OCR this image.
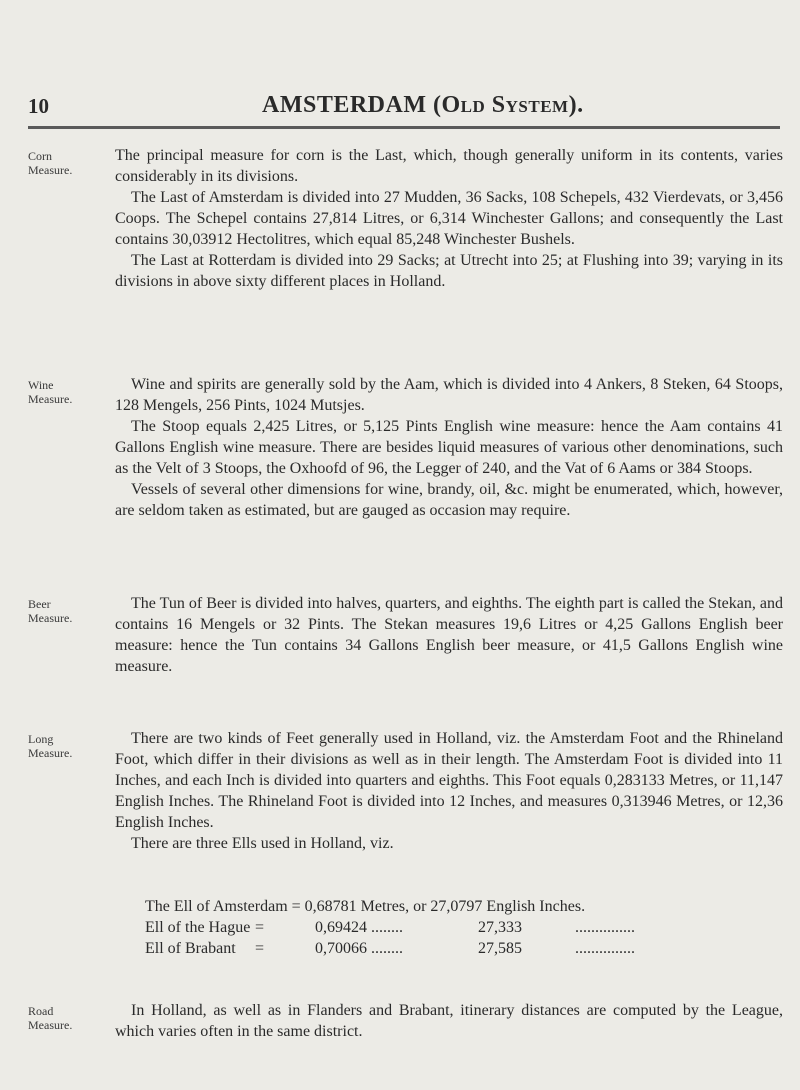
10	AMSTERDAM (Old System).
Corn Measure.

The principal measure for corn is the Last, which, though generally uniform in its contents, varies considerably in its divisions.

The Last of Amsterdam is divided into 27 Mudden, 36 Sacks, 108 Schepels, 432 Vierdevats, or 3,456 Coops. The Schepel contains 27,814 Litres, or 6,314 Winchester Gallons; and consequently the Last contains 30,03912 Hectolitres, which equal 85,248 Winchester Bushels.

The Last at Rotterdam is divided into 29 Sacks; at Utrecht into 25; at Flushing into 39; varying in its divisions in above sixty different places in Holland.

Wine Measure.

Wine and spirits are generally sold by the Aam, which is divided into 4 Ankers, 8 Steken, 64 Stoops, 128 Mengels, 256 Pints, 1024 Mutsjes.

The Stoop equals 2,425 Litres, or 5,125 Pints English wine measure: hence the Aam contains 41 Gallons English wine measure. There are besides liquid measures of various other denominations, such as the Velt of 3 Stoops, the Oxhoofd of 96, the Legger of 240, and the Vat of 6 Aams or 384 Stoops.

Vessels of several other dimensions for wine, brandy, oil, &c. might be enumerated, which, however, are seldom taken as estimated, but are gauged as occasion may require.

Beer Measure.

The Tun of Beer is divided into halves, quarters, and eighths. The eighth part is called the Stekan, and contains 16 Mengels or 32 Pints. The Stekan measures 19,6 Litres or 4,25 Gallons English beer measure: hence the Tun contains 34 Gallons English beer measure, or 41,5 Gallons English wine measure.

Long Measure.

There are two kinds of Feet generally used in Holland, viz. the Amsterdam Foot and the Rhineland Foot, which differ in their divisions as well as in their length. The Amsterdam Foot is divided into 11 Inches, and each Inch is divided into quarters and eighths. This Foot equals 0,283133 Metres, or 11,147 English Inches. The Rhineland Foot is divided into 12 Inches, and measures 0,313946 Metres, or 12,36 English Inches.

There are three Ells used in Holland, viz.

The Ell of Amsterdam = 0,68781 Metres, or 27,0797 English Inches.
Ell of the Hague =	0,69424 ........	27,333	...............
Ell of Brabant =	0,70066 ........	27,585	...............
Road Measure.

In Holland, as well as in Flanders and Brabant, itinerary distances are computed by the League, which varies often in the same district.
